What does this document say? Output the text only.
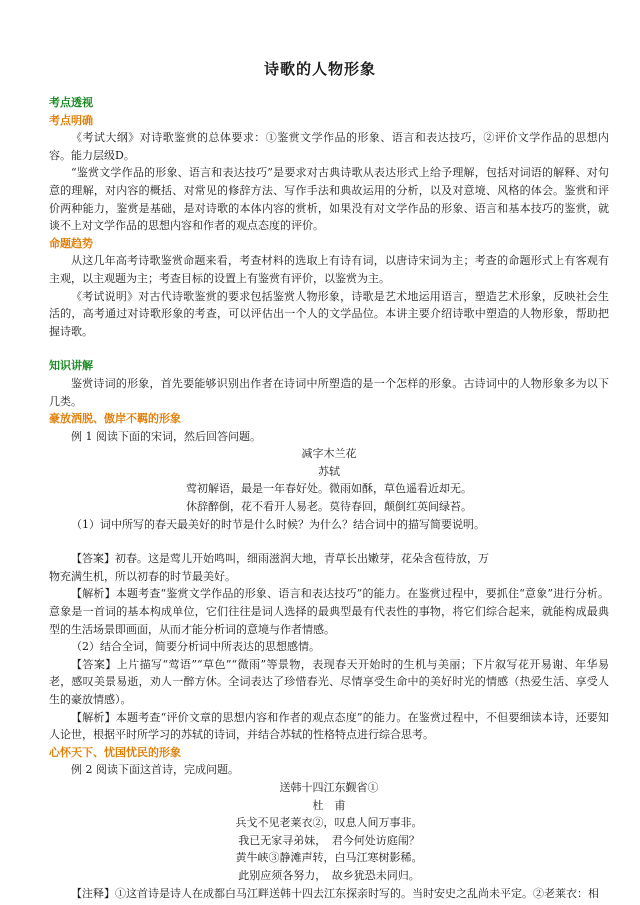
诗歌的人物形象

考点透视

考点明确

《考试大纲》对诗歌鉴赏的总体要求：①鉴赏文学作品的形象、语言和表达技巧，②评价文学作品的思想内容。能力层级D。

“鉴赏文学作品的形象、语言和表达技巧”是要求对古典诗歌从表达形式上给予理解，包括对词语的解释、对句意的理解，对内容的概括、对常见的修辞方法、写作手法和典故运用的分析，以及对意境、风格的体会。鉴赏和评价两种能力，鉴赏是基础，是对诗歌的本体内容的赏析，如果没有对文学作品的形象、语言和基本技巧的鉴赏，就谈不上对文学作品的思想内容和作者的观点态度的评价。

命题趋势

从这几年高考诗歌鉴赏命题来看，考查材料的选取上有诗有词，以唐诗宋词为主；考查的命题形式上有客观有主观，以主观题为主；考查目标的设置上有鉴赏有评价，以鉴赏为主。

《考试说明》对古代诗歌鉴赏的要求包括鉴赏人物形象，诗歌是艺术地运用语言，塑造艺术形象，反映社会生活的，高考通过对诗歌形象的考查，可以评估出一个人的文学品位。本讲主要介绍诗歌中塑造的人物形象，帮助把握诗歌。

知识讲解

鉴赏诗词的形象，首先要能够识别出作者在诗词中所塑造的是一个怎样的形象。古诗词中的人物形象多为以下几类。

豪放洒脱、傲岸不羁的形象

例 1 阅读下面的宋词，然后回答问题。

减字木兰花

苏轼

莺初解语，最是一年春好处。微雨如酥，草色遥看近却无。

休辞醉倒，花不看开人易老。莫待春回，颠倒红英间绿苔。

（1）词中所写的春天最美好的时节是什么时候？为什么？结合词中的描写简要说明。

【答案】初春。这是莺儿开始鸣叫，细雨滋润大地，青草长出嫩芽，花朵含苞待放，万

物充满生机，所以初春的时节最美好。

【解析】本题考查“鉴赏文学作品的形象、语言和表达技巧”的能力。在鉴赏过程中，要抓住“意象”进行分析。意象是一首词的基本构成单位，它们往往是词人选择的最典型最有代表性的事物，将它们综合起来，就能构成最典型的生活场景即画面，从而才能分析词的意境与作者情感。

（2）结合全词，简要分析词中所表达的思想感情。

【答案】上片描写“莺语”“草色”“微雨”等景物，表现春天开始时的生机与美丽；下片叙写花开易谢、年华易老，感叹美景易逝，劝人一醉方休。全词表达了珍惜春光、尽情享受生命中的美好时光的情感（热爱生活、享受人生的豪放情感）。

【解析】本题考查“评价文章的思想内容和作者的观点态度”的能力。在鉴赏过程中，不但要细读本诗，还要知人论世，根据平时所学习的苏轼的诗词，并结合苏轼的性格特点进行综合思考。

心怀天下、忧国忧民的形象

例 2 阅读下面这首诗，完成问题。

送韩十四江东觐省①

杜　甫

兵戈不见老莱衣②，叹息人间万事非。

我已无家寻弟妹，　君今何处访庭闱？

黄牛峡③静滩声转，白马江寒树影稀。

此别应须各努力，　故乡犹恐未同归。

【注释】①这首诗是诗人在成都白马江畔送韩十四去江东探亲时写的。当时安史之乱尚未平定。②老莱衣：相
